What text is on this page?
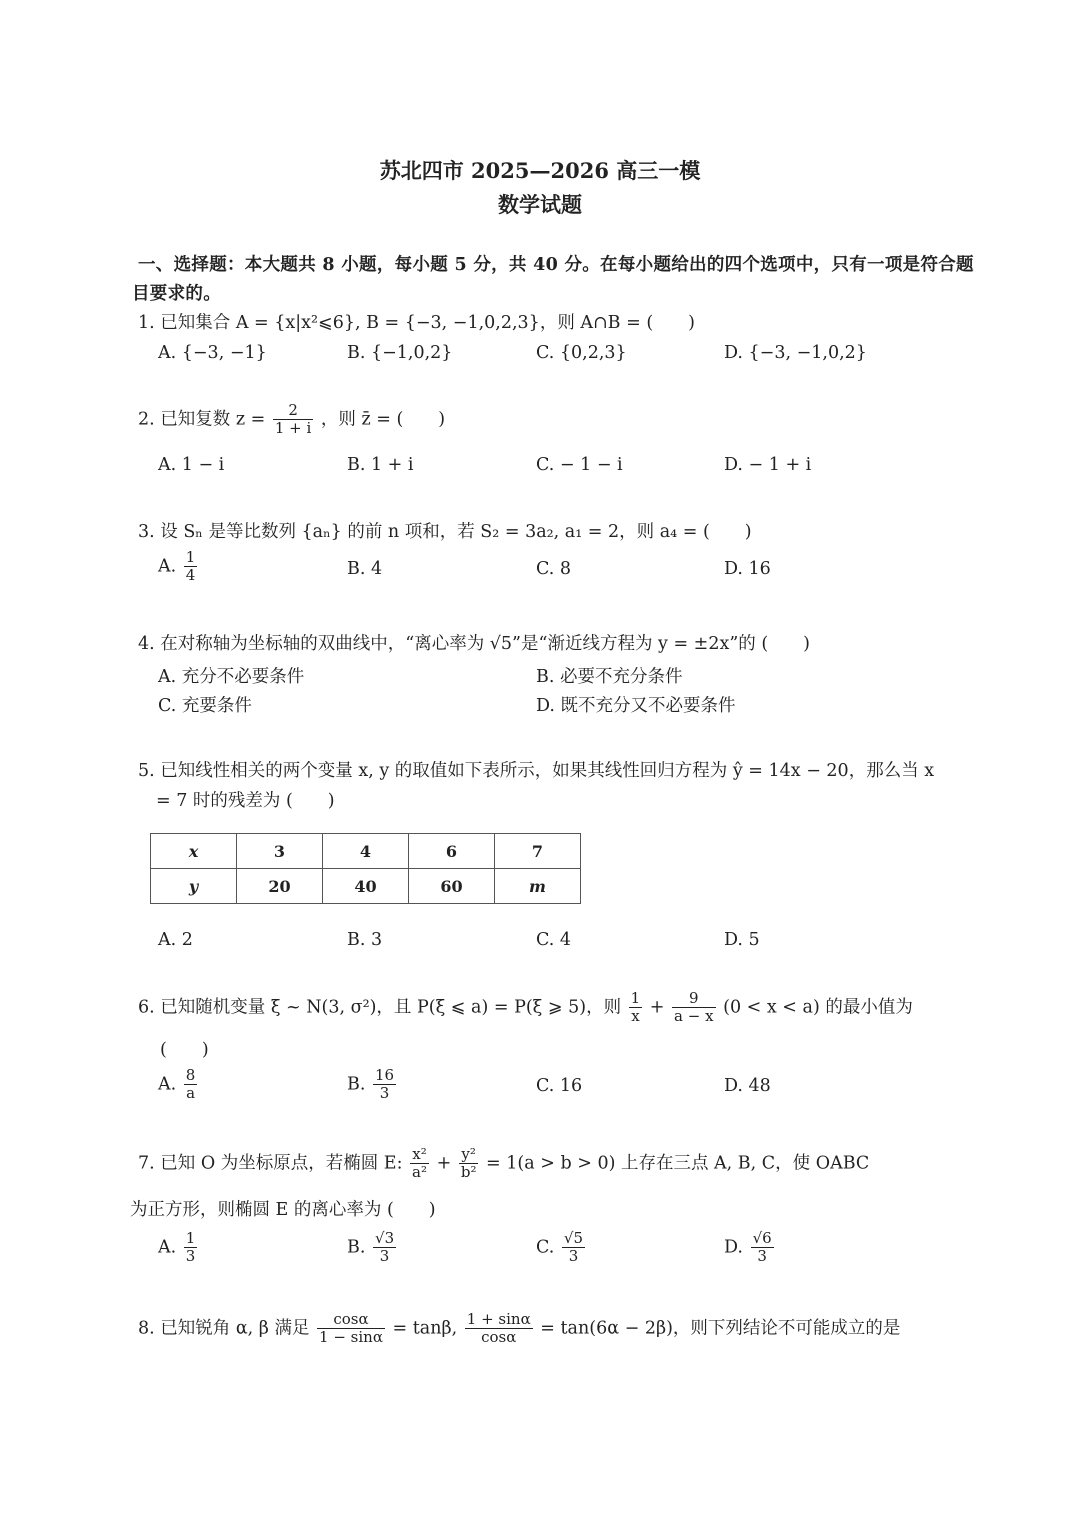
苏北四市 2025—2026 高三一模
数学试题
一、选择题：本大题共 8 小题，每小题 5 分，共 40 分。在每小题给出的四个选项中，只有一项是符合题
目要求的。
1. 已知集合 A = {x|x²⩽6}, B = {−3, −1,0,2,3}，则 A∩B = (　　)
A. {−3, −1}	B. {−1,0,2}	C. {0,2,3}	D. {−3, −1,0,2}
2. 已知复数 $z = \frac{2}{1 + i}$ ，则 z̄ = (　　)
A. 1 − i	B. 1 + i	C. − 1 − i	D. − 1 + i
3. 设 Sₙ 是等比数列 {aₙ} 的前 n 项和，若 S₂ = 3a₂, a₁ = 2，则 a₄ = (　　)
A. $\frac{1}{4}$	B. 4	C. 8	D. 16
4. 在对称轴为坐标轴的双曲线中，“离心率为 √5”是“渐近线方程为 y = ±2x”的 (　　)
A. 充分不必要条件	B. 必要不充分条件
C. 充要条件	D. 既不充分又不必要条件
5. 已知线性相关的两个变量 x, y 的取值如下表所示，如果其线性回归方程为 ŷ = 14x − 20，那么当 x
= 7 时的残差为 (　　)
x	3	4	6	7
y	20	40	60	m
A. 2	B. 3	C. 4	D. 5
6. 已知随机变量 ξ ~ N(3, σ²)，且 P(ξ ⩽ a) = P(ξ ⩾ 5)，则 $\frac{1}{x} + \frac{9}{a - x} (0 < x < a)$ 的最小值为
(　　)
A. $\frac{8}{a}$	B. $\frac{16}{3}$	C. 16	D. 48
7. 已知 O 为坐标原点，若椭圆 E: $\frac{\text{x²}}{\text{a²}} + \frac{\text{y²}}{\text{b²}} = 1(a > b > 0)$ 上存在三点 A, B, C，使 OABC
为正方形，则椭圆 E 的离心率为 (　　)
A. $\frac{1}{3}$	B. $\frac{√3}{3}$	C. $\frac{√5}{3}$	D. $\frac{√6}{3}$
8. 已知锐角 α, β 满足 $\frac{\cos\alpha}{1 - \sin\alpha} = \tan\beta$, $\frac{1 + \sin\alpha}{\cos\alpha} = \tan(6\alpha - 2\beta)$，则下列结论不可能成立的是
